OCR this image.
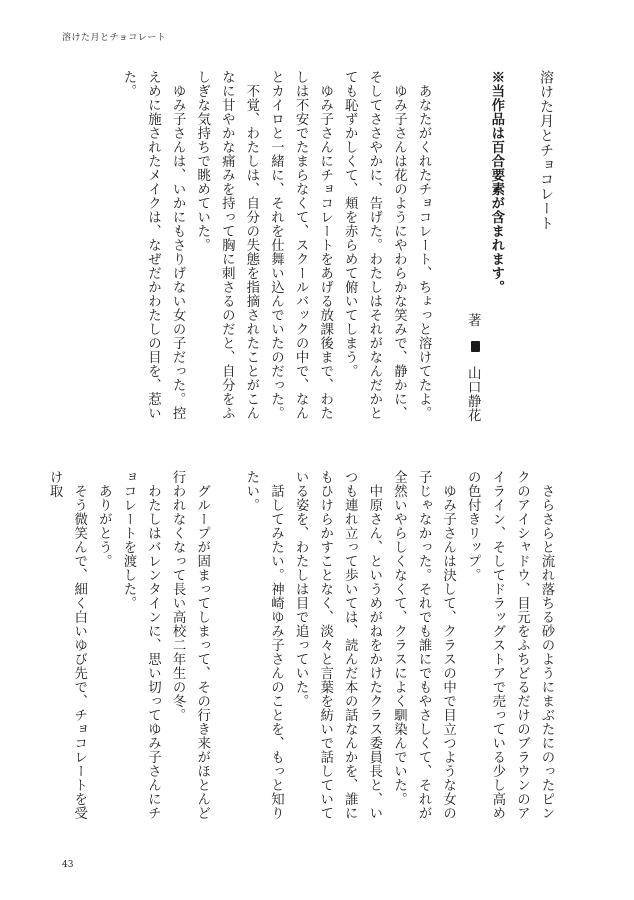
溶けた月とチョコレート

溶けた月とチョコレート

※当作品は百合要素が含まれます。

著　　山口静花

　あなたがくれたチョコレート、ちょっと溶けてたよ。

　ゆみ子さんは花のようにやわらかな笑みで、静かに、そしてささやかに、告げた。わたしはそれがなんだかとても恥ずかしくて、頬を赤らめて俯いてしまう。

　ゆみ子さんにチョコレートをあげる放課後まで、わたしは不安でたまらなくて、スクールバックの中で、なんとカイロと一緒に、それを仕舞い込んでいたのだった。

　不覚、わたしは、自分の失態を指摘されたことがこんなに甘やかな痛みを持って胸に刺さるのだと、自分をふしぎな気持ちで眺めていた。

　ゆみ子さんは、いかにもさりげない女の子だった。控えめに施されたメイクは、なぜだかわたしの目を、惹いた。

　さらさらと流れ落ちる砂のようにまぶたにのったピンクのアイシャドウ、目元をふちどるだけのブラウンのアイライン、そしてドラッグストアで売っている少し高めの色付きリップ。

　ゆみ子さんは決して、クラスの中で目立つような女の子じゃなかった。それでも誰にでもやさしくて、それが全然いやらしくなくて、クラスによく馴染んでいた。

　中原さん、というめがねをかけたクラス委員長と、いつも連れ立って歩いては、読んだ本の話なんかを、誰にもひけらかすことなく、淡々と言葉を紡いで話していている姿を、わたしは目で追っていた。

　話してみたい。神崎ゆみ子さんのことを、もっと知りたい。

　グループが固まってしまって、その行き来がほとんど行われなくなって長い高校二年生の冬。

　わたしはバレンタインに、思い切ってゆみ子さんにチョコレートを渡した。

　ありがとう。

　そう微笑んで、細く白いゆび先で、チョコレートを受け取

43
